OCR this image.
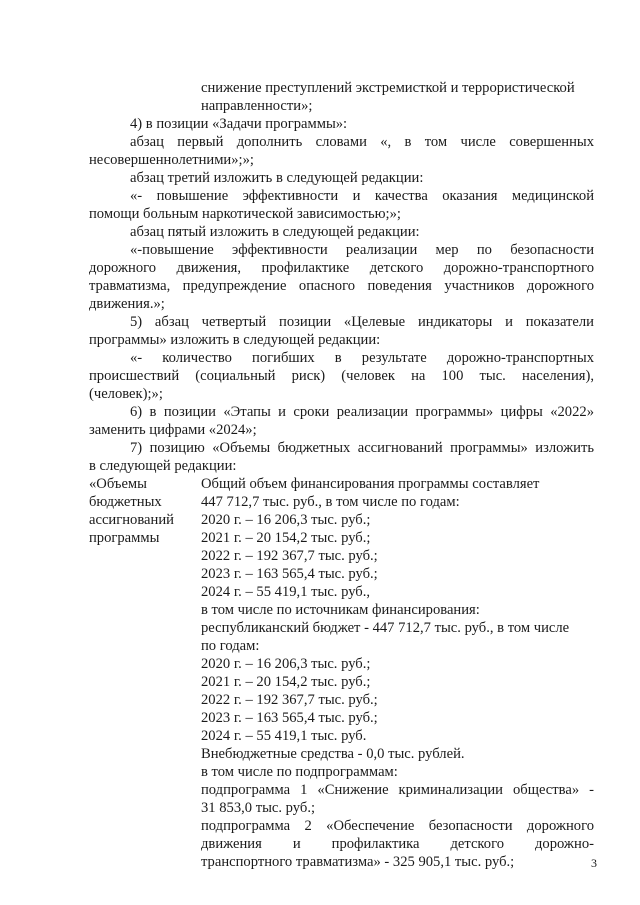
снижение преступлений экстремисткой и террористической
направленности»;
4) в позиции «Задачи программы»:
абзац первый дополнить словами «, в том числе совершенных
несовершеннолетними»;»;
абзац третий изложить в следующей редакции:
«- повышение эффективности и качества оказания медицинской
помощи больным наркотической зависимостью;»;
абзац пятый изложить в следующей редакции:
«-повышение эффективности реализации мер по безопасности
дорожного движения, профилактике детского дорожно-транспортного
травматизма, предупреждение опасного поведения участников дорожного
движения.»;
5) абзац четвертый позиции «Целевые индикаторы и показатели
программы» изложить в следующей редакции:
«- количество погибших в результате дорожно-транспортных
происшествий (социальный риск) (человек на 100 тыс. населения),
(человек);»;
6) в позиции «Этапы и сроки реализации программы» цифры «2022»
заменить цифрами «2024»;
7) позицию «Объемы бюджетных ассигнований программы» изложить
в следующей редакции:
«Объемы
бюджетных
ассигнований
программы
Общий объем финансирования программы составляет
447 712,7 тыс. руб., в том числе по годам:
2020 г. – 16 206,3 тыс. руб.;
2021 г. – 20 154,2 тыс. руб.;
2022 г. – 192 367,7 тыс. руб.;
2023 г. – 163 565,4 тыс. руб.;
2024 г. – 55 419,1 тыс. руб.,
в том числе по источникам финансирования:
республиканский бюджет - 447 712,7 тыс. руб., в том числе
по годам:
2020 г. – 16 206,3 тыс. руб.;
2021 г. – 20 154,2 тыс. руб.;
2022 г. – 192 367,7 тыс. руб.;
2023 г. – 163 565,4 тыс. руб.;
2024 г. – 55 419,1 тыс. руб.
Внебюджетные средства - 0,0 тыс. рублей.
в том числе по подпрограммам:
подпрограмма 1 «Снижение криминализации общества» -
31 853,0 тыс. руб.;
подпрограмма 2 «Обеспечение безопасности дорожного
движения и профилактика детского дорожно-
транспортного травматизма» - 325 905,1 тыс. руб.;	3
